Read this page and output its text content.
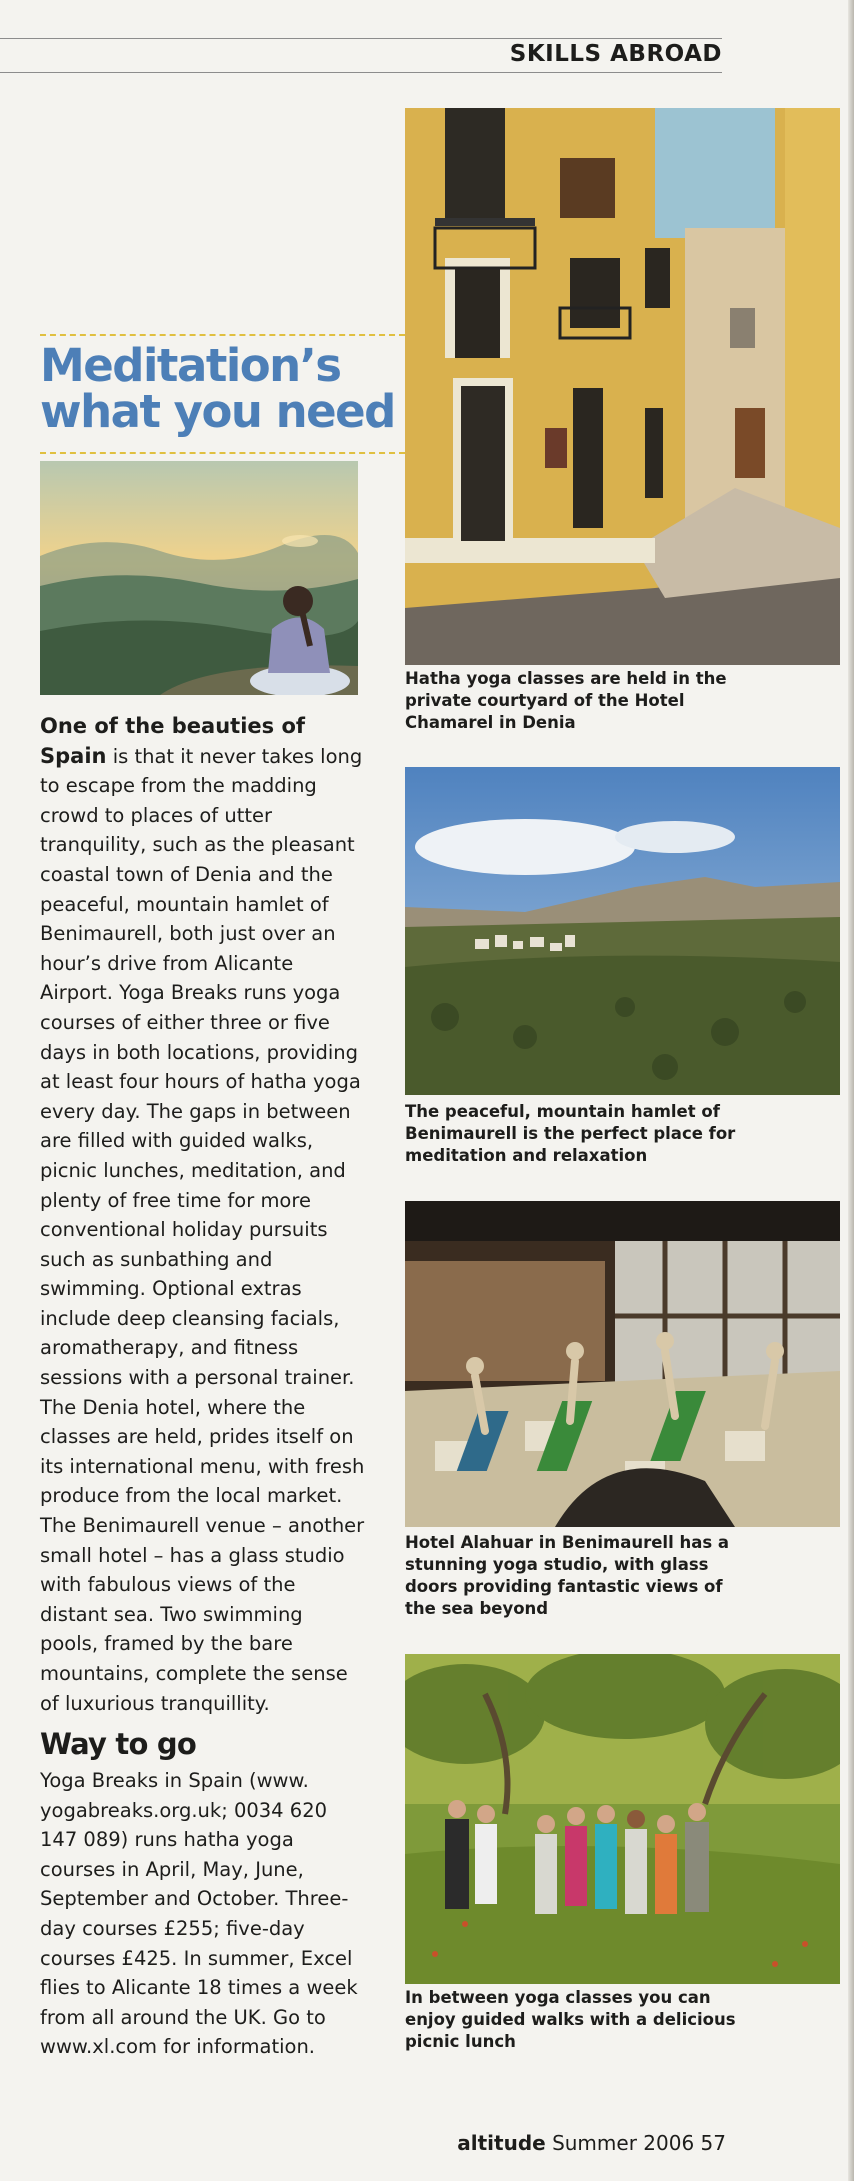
SKILLS ABROAD
Meditation’s
what you need
One of the beauties of Spain is that it never takes long to escape from the madding crowd to places of utter tranquility, such as the pleasant coastal town of Denia and the peaceful, mountain hamlet of Benimaurell, both just over an hour’s drive from Alicante Airport. Yoga Breaks runs yoga courses of either three or five days in both locations, providing at least four hours of hatha yoga every day. The gaps in between are filled with guided walks, picnic lunches, meditation, and plenty of free time for more conventional holiday pursuits such as sunbathing and swimming. Optional extras include deep cleansing facials, aromatherapy, and fitness sessions with a personal trainer. The Denia hotel, where the classes are held, prides itself on its international menu, with fresh produce from the local market. The Benimaurell venue – another small hotel – has a glass studio with fabulous views of the distant sea. Two swimming pools, framed by the bare mountains, complete the sense of luxurious tranquillity.
Way to go
Yoga Breaks in Spain (www. yogabreaks.org.uk; 0034 620 147 089) runs hatha yoga courses in April, May, June, September and October. Three-day courses £255; five-day courses £425. In summer, Excel flies to Alicante 18 times a week from all around the UK. Go to www.xl.com for information.
Hatha yoga classes are held in the private courtyard of the Hotel Chamarel in Denia
The peaceful, mountain hamlet of Benimaurell is the perfect place for meditation and relaxation
Hotel Alahuar in Benimaurell has a stunning yoga studio, with glass doors providing fantastic views of the sea beyond
In between yoga classes you can enjoy guided walks with a delicious picnic lunch
altitude Summer 2006 57
